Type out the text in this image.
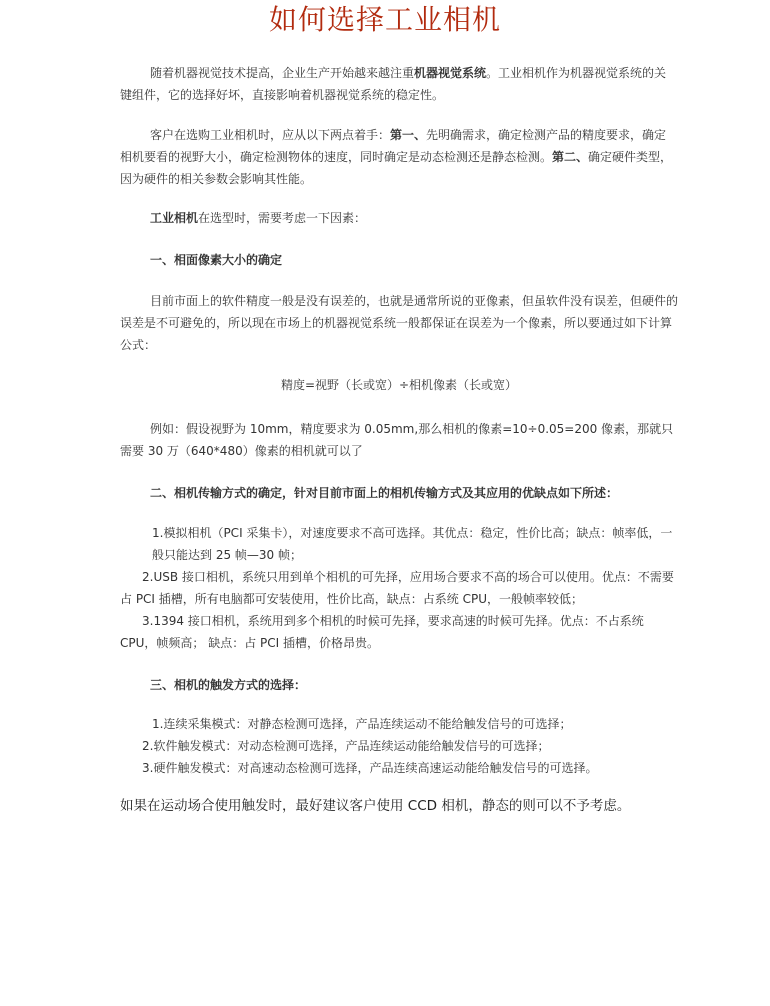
如何选择工业相机

随着机器视觉技术提高，企业生产开始越来越注重机器视觉系统。工业相机作为机器视觉系统的关键组件，它的选择好坏，直接影响着机器视觉系统的稳定性。

客户在选购工业相机时，应从以下两点着手：第一、先明确需求，确定检测产品的精度要求，确定相机要看的视野大小，确定检测物体的速度，同时确定是动态检测还是静态检测。第二、确定硬件类型，因为硬件的相关参数会影响其性能。

工业相机在选型时，需要考虑一下因素：

一、相面像素大小的确定

目前市面上的软件精度一般是没有误差的，也就是通常所说的亚像素，但虽软件没有误差，但硬件的误差是不可避免的，所以现在市场上的机器视觉系统一般都保证在误差为一个像素，所以要通过如下计算公式：

精度=视野（长或宽）÷相机像素（长或宽）

例如：假设视野为 10mm，精度要求为 0.05mm,那么相机的像素=10÷0.05=200 像素，那就只需要 30 万（640*480）像素的相机就可以了

二、相机传输方式的确定，针对目前市面上的相机传输方式及其应用的优缺点如下所述：

1.模拟相机（PCI 采集卡），对速度要求不高可选择。其优点：稳定，性价比高；缺点：帧率低，一般只能达到 25 帧—30 帧；
2.USB 接口相机，系统只用到单个相机的可先择，应用场合要求不高的场合可以使用。优点：不需要占 PCI 插槽，所有电脑都可安装使用，性价比高，缺点：占系统 CPU，一般帧率较低；
3.1394 接口相机，系统用到多个相机的时候可先择，要求高速的时候可先择。优点：不占系统 CPU，帧频高； 缺点：占 PCI 插槽，价格昂贵。

三、相机的触发方式的选择：

1.连续采集模式：对静态检测可选择，产品连续运动不能给触发信号的可选择；
2.软件触发模式：对动态检测可选择，产品连续运动能给触发信号的可选择；
3.硬件触发模式：对高速动态检测可选择，产品连续高速运动能给触发信号的可选择。

如果在运动场合使用触发时，最好建议客户使用 CCD 相机，静态的则可以不予考虑。
